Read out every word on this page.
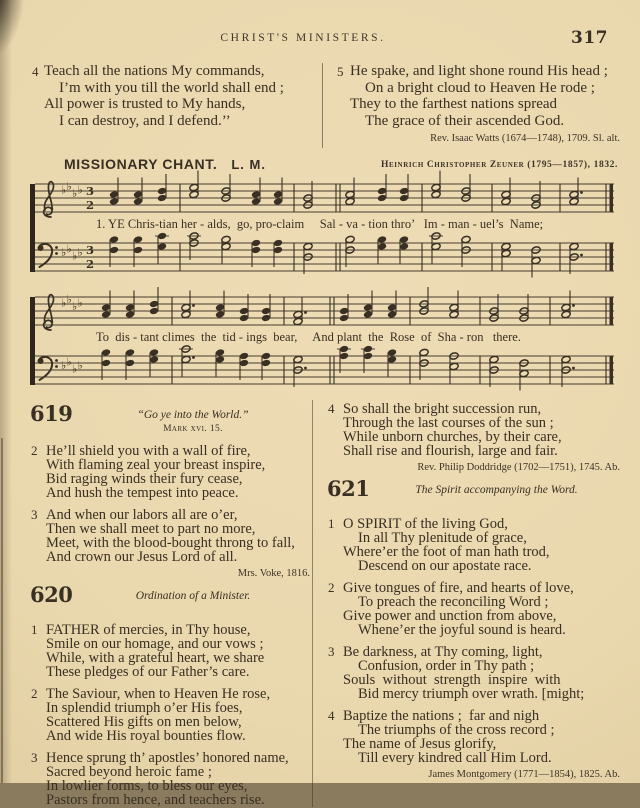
CHRIST'S MINISTERS.	317
4 Teach all the nations My commands,
I’m with you till the world shall end ;
All power is trusted to My hands,
I can destroy, and I defend.’’
5 He spake, and light shone round His head ;
On a bright cloud to Heaven He rode ;
They to the farthest nations spread
The grace of their ascended God.
Rev. Isaac Watts (1674—1748), 1709. Sl. alt.
MISSIONARY CHANT. L. M.	Heinrich Christopher Zeuner (1795—1857), 1832.
♭ ♭
♭ ♭ 3
2
1. YE Chris-tian her - alds,  go, pro-claim     Sal - va - tion thro’   Im - man - uel’s  Name;
♭ ♭
♭ ♭ 3
2
♭ ♭
♭ ♭
To  dis - tant climes  the  tid - ings  bear,     And plant  the  Rose  of  Sha - ron   there.
♭ ♭
♭ ♭
619	“Go ye into the World.”
Mark xvi. 15.
2 He’ll shield you with a wall of fire,
With flaming zeal your breast inspire,
Bid raging winds their fury cease,
And hush the tempest into peace.
3 And when our labors all are o’er,
Then we shall meet to part no more,
Meet, with the blood-bought throng to fall,
And crown our Jesus Lord of all.
Mrs. Voke, 1816.
620	Ordination of a Minister.
1 FATHER of mercies, in Thy house,
Smile on our homage, and our vows ;
While, with a grateful heart, we share
These pledges of our Father’s care.
2 The Saviour, when to Heaven He rose,
In splendid triumph o’er His foes,
Scattered His gifts on men below,
And wide His royal bounties flow.
3 Hence sprung th’ apostles’ honored name,
Sacred beyond heroic fame ;
In lowlier forms, to bless our eyes,
Pastors from hence, and teachers rise.
4 So shall the bright succession run,
Through the last courses of the sun ;
While unborn churches, by their care,
Shall rise and flourish, large and fair.
Rev. Philip Doddridge (1702—1751), 1745. Ab.
621	The Spirit accompanying the Word.
1 O SPIRIT of the living God,
In all Thy plenitude of grace,
Where’er the foot of man hath trod,
Descend on our apostate race.
2 Give tongues of fire, and hearts of love,
To preach the reconciling Word ;
Give power and unction from above,
Whene’er the joyful sound is heard.
3 Be darkness, at Thy coming, light,
Confusion, order in Thy path ;
Souls  without  strength  inspire  with
Bid mercy triumph over wrath. [might;
4 Baptize the nations ;  far and nigh
The triumphs of the cross record ;
The name of Jesus glorify,
Till every kindred call Him Lord.
James Montgomery (1771—1854), 1825. Ab.
